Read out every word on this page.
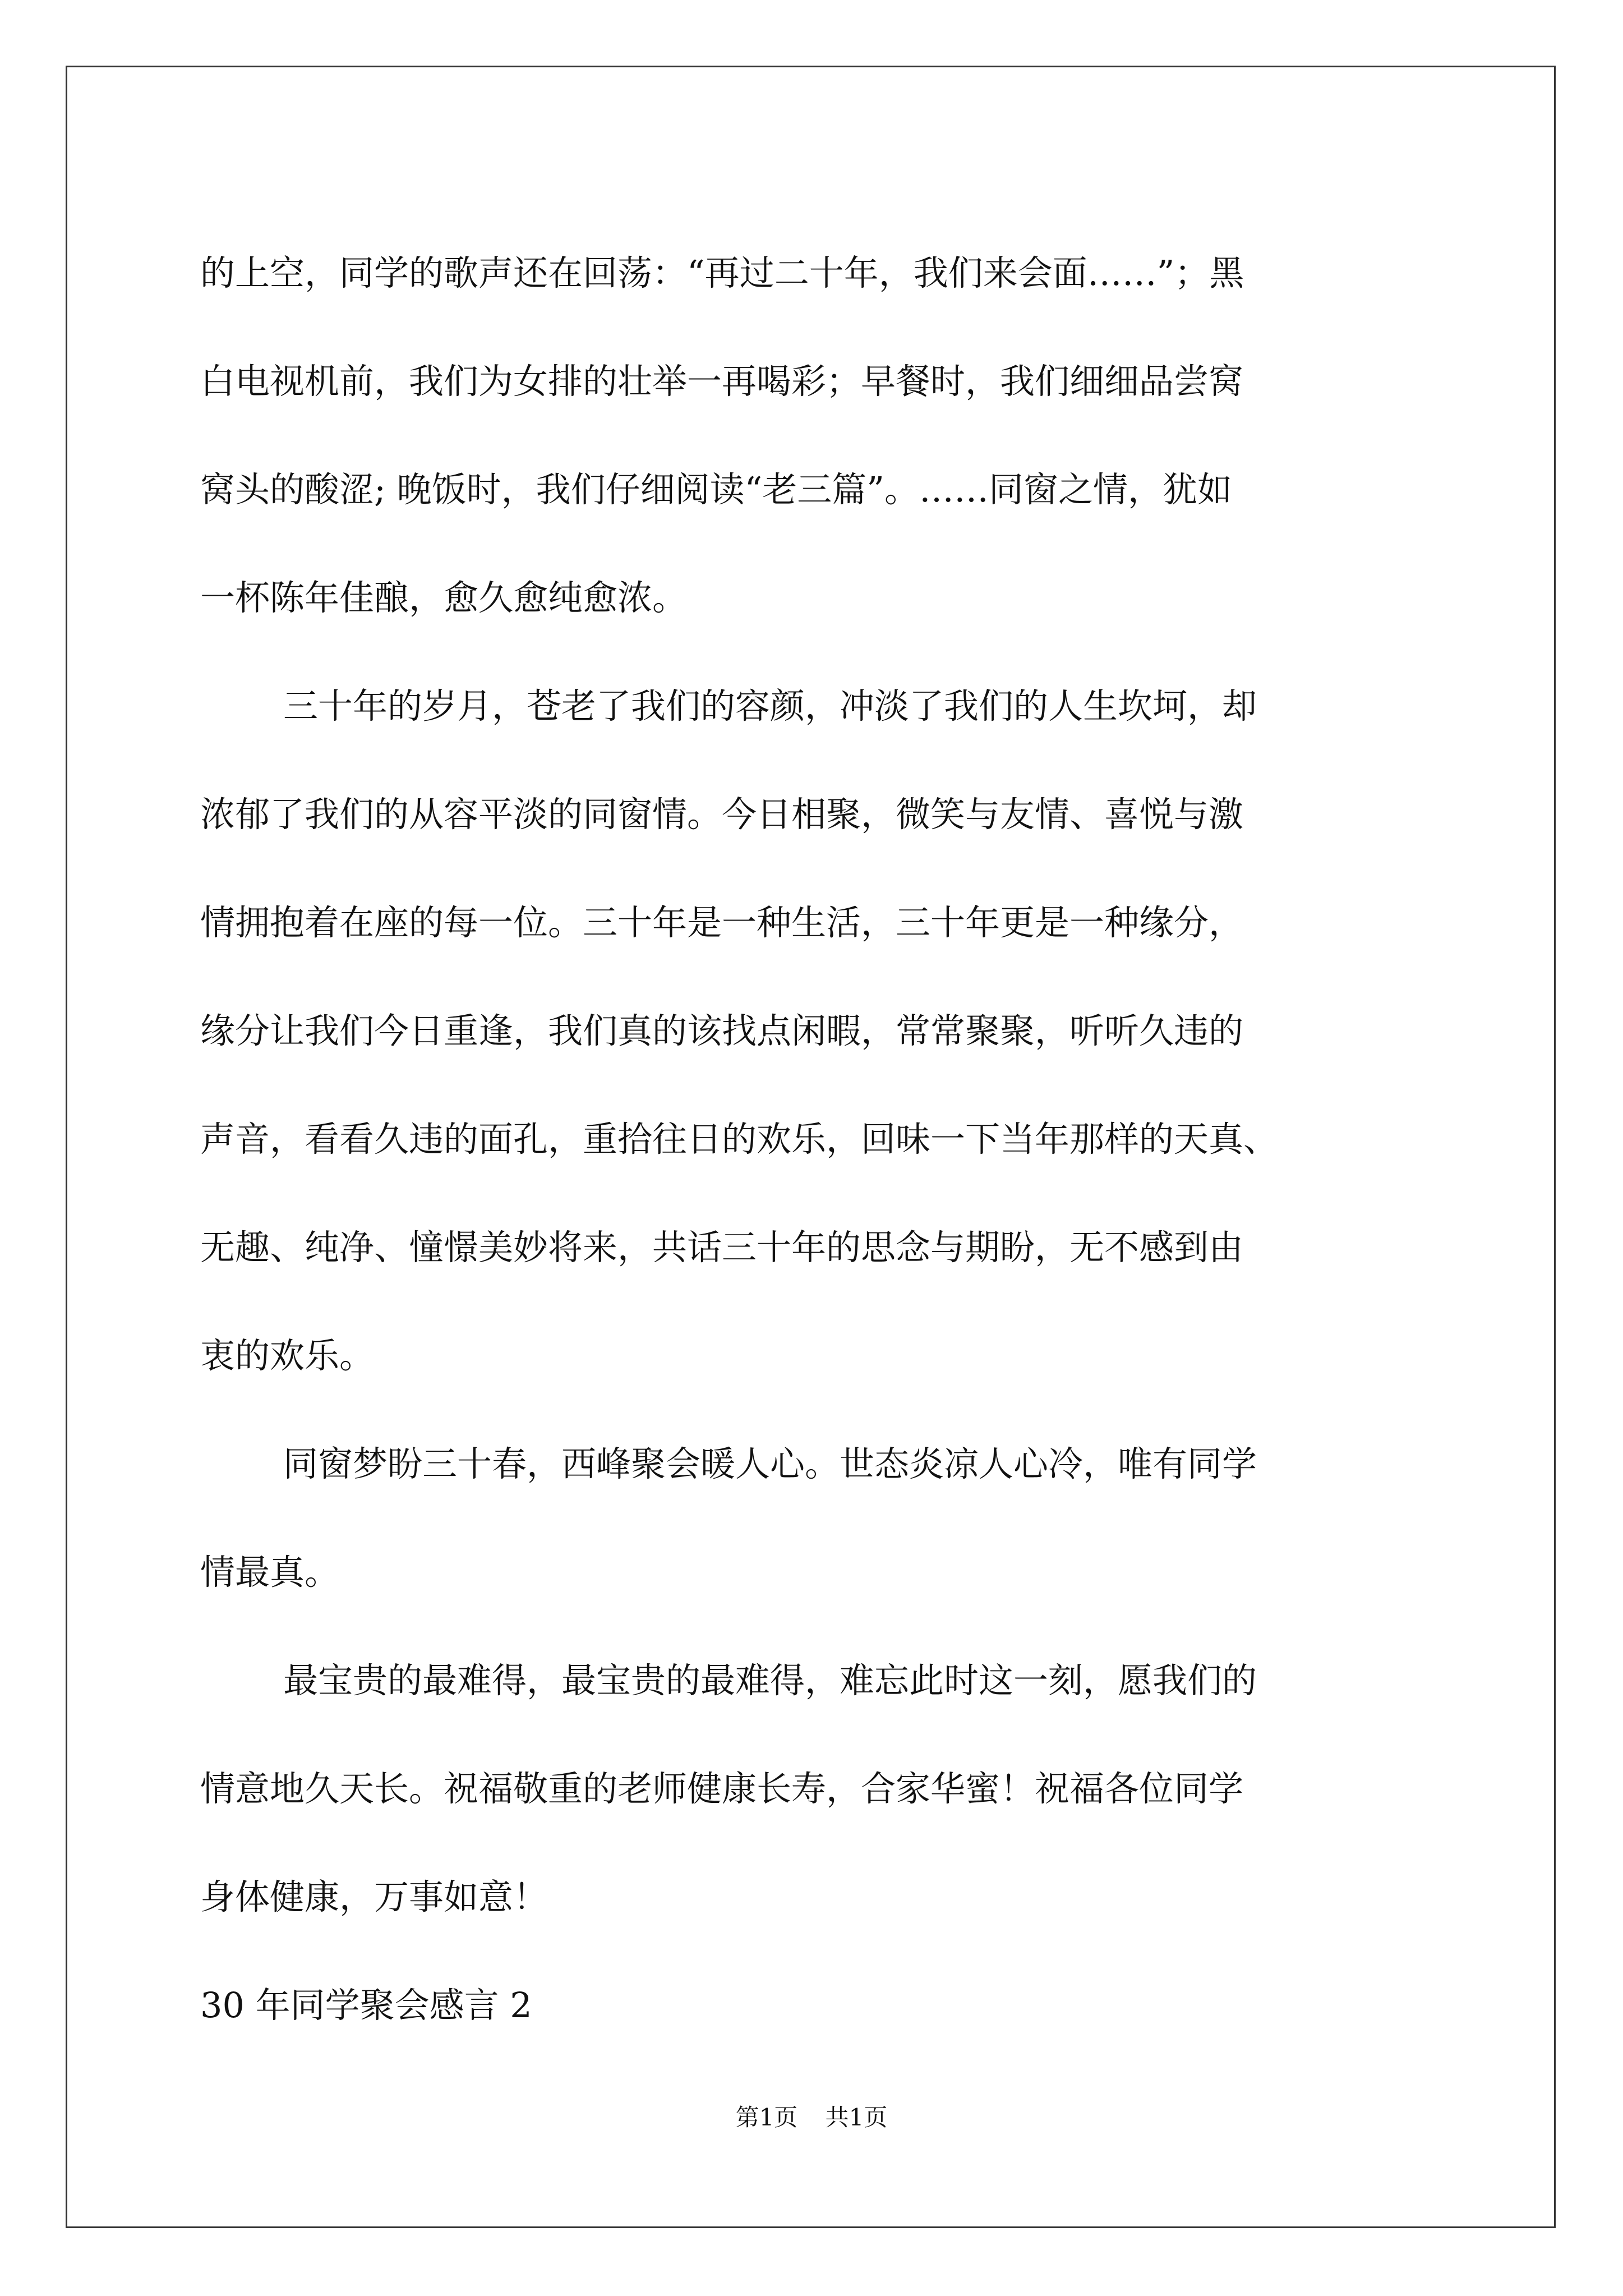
的上空，同学的歌声还在回荡：“再过二十年，我们来会面……”；黑
白电视机前，我们为女排的壮举一再喝彩；早餐时，我们细细品尝窝
窝头的酸涩; 晚饭时，我们仔细阅读“老三篇”。……同窗之情，犹如
一杯陈年佳酿，愈久愈纯愈浓。
三十年的岁月，苍老了我们的容颜，冲淡了我们的人生坎坷，却
浓郁了我们的从容平淡的同窗情。今日相聚，微笑与友情、喜悦与激
情拥抱着在座的每一位。三十年是一种生活，三十年更是一种缘分，
缘分让我们今日重逢，我们真的该找点闲暇，常常聚聚，听听久违的
声音，看看久违的面孔，重拾往日的欢乐，回味一下当年那样的天真、
无趣、纯净、憧憬美妙将来，共话三十年的思念与期盼，无不感到由
衷的欢乐。
同窗梦盼三十春，西峰聚会暖人心。世态炎凉人心冷，唯有同学
情最真。
最宝贵的最难得，最宝贵的最难得，难忘此时这一刻，愿我们的
情意地久天长。祝福敬重的老师健康长寿，合家华蜜！祝福各位同学
身体健康，万事如意！
30 年同学聚会感言 2
第1页 共1页
